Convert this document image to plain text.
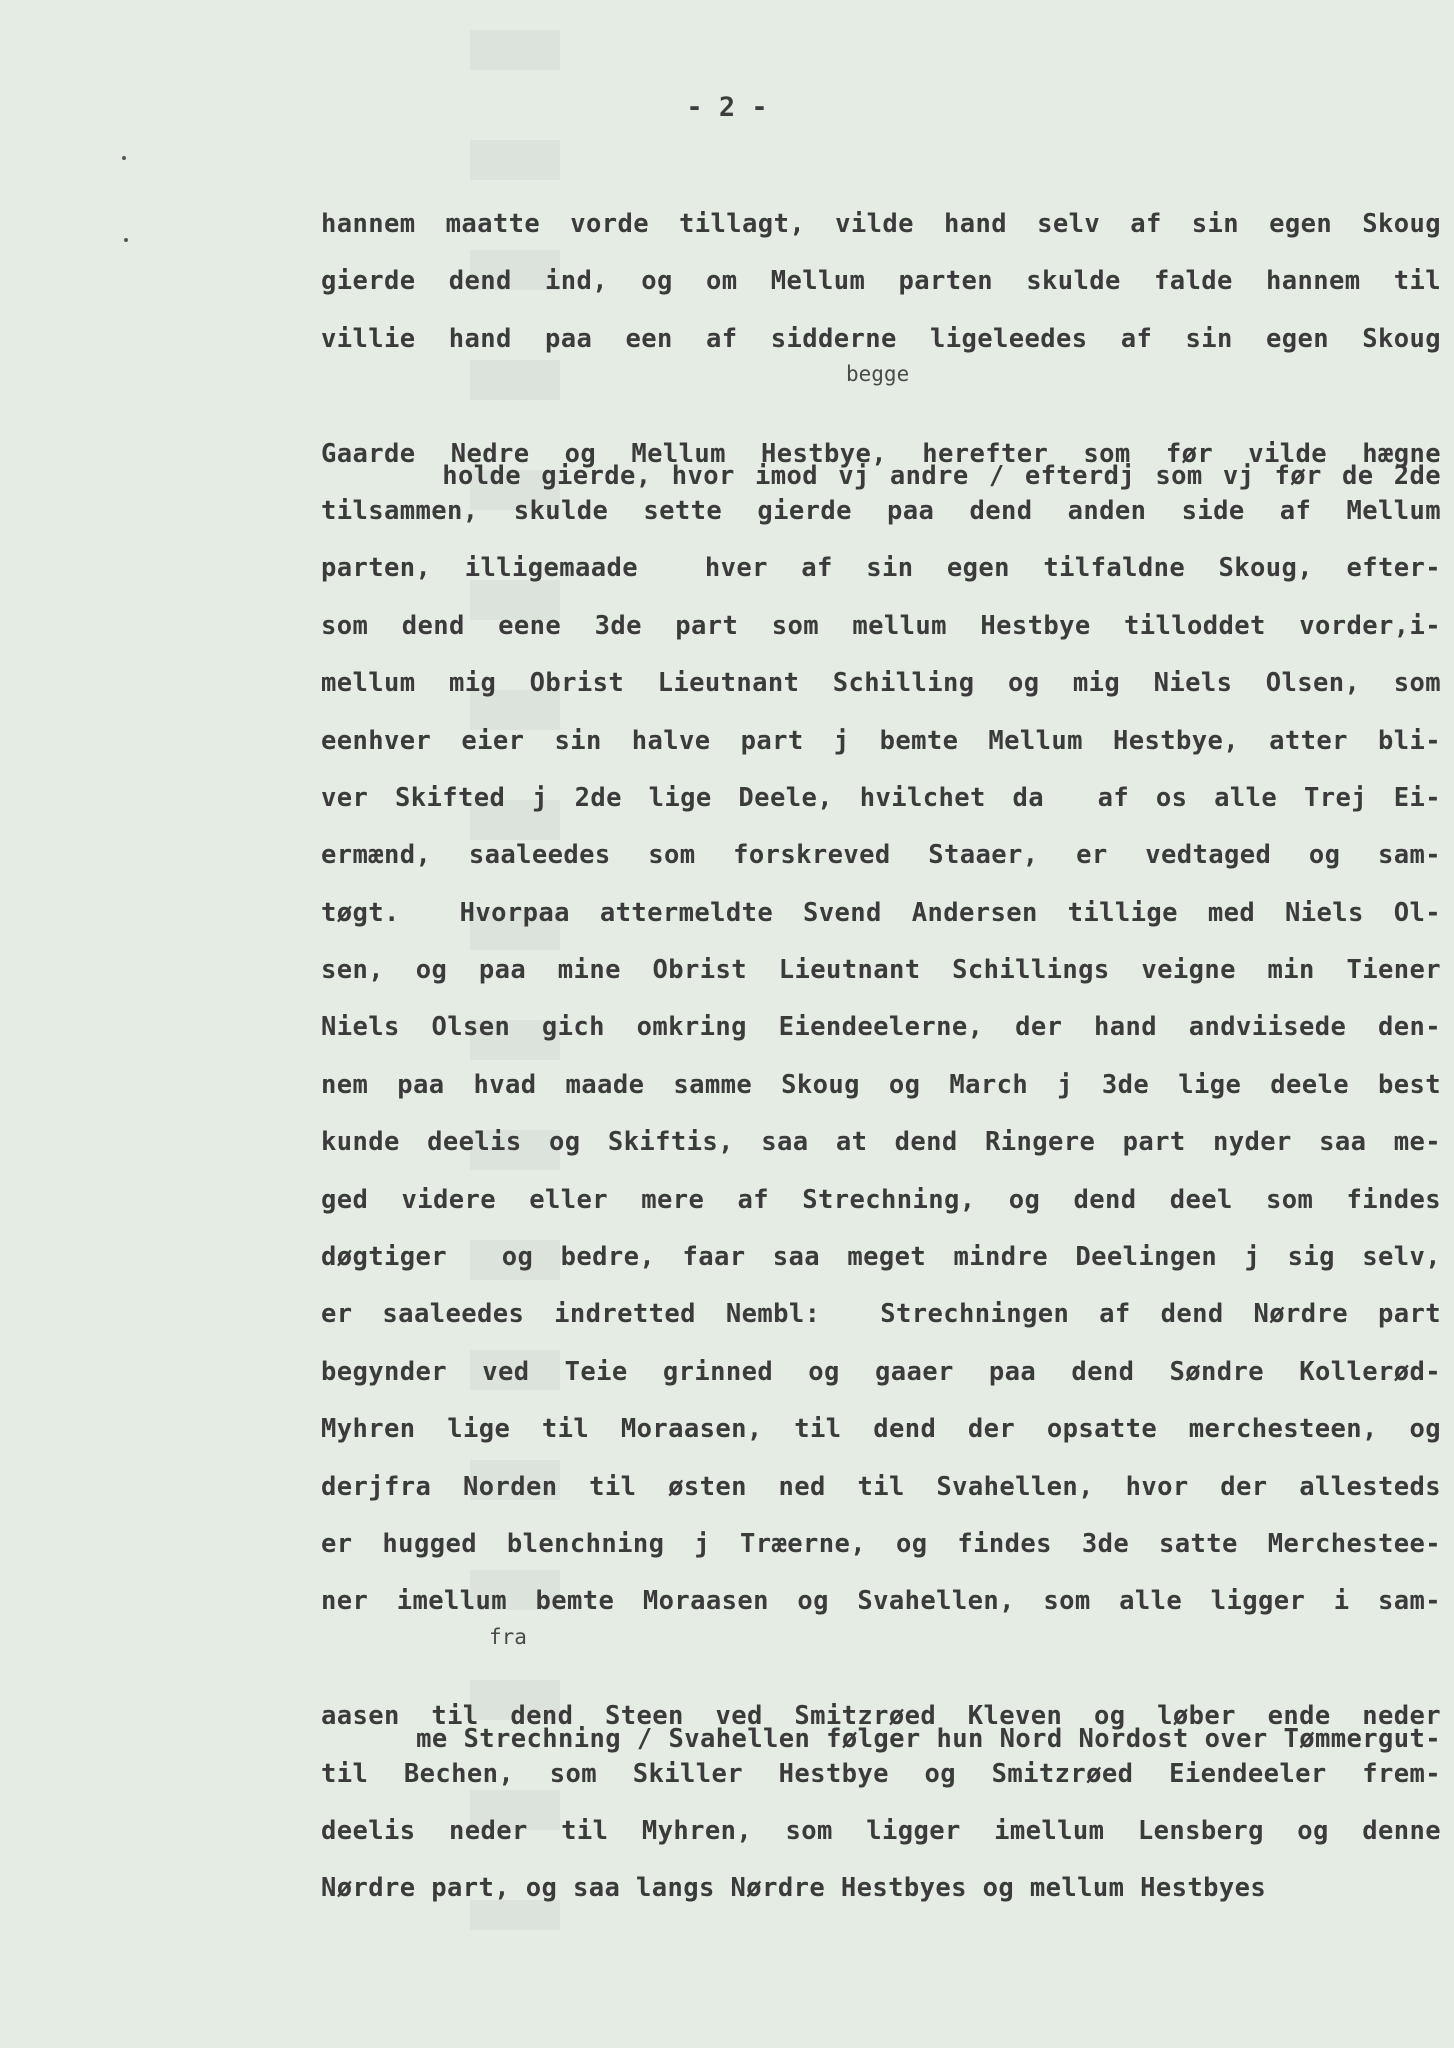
- 2 -
hannem maatte vorde tillagt, vilde hand selv af sin egen Skoug
gierde dend ind, og om Mellum parten skulde falde hannem til
villie hand paa een af sidderne ligeleedes af sin egen Skoug

begge

holde gierde, hvor imod vj andre / efterdj som vj før de 2de

Gaarde Nedre og Mellum Hestbye, herefter som før vilde hægne
tilsammen, skulde sette gierde paa dend anden side af Mellum
parten, illigemaade  hver af sin egen tilfaldne Skoug, efter-
som dend eene 3de part som mellum Hestbye tilloddet vorder,i-
mellum mig Obrist Lieutnant Schilling og mig Niels Olsen, som
eenhver eier sin halve part j bemte Mellum Hestbye, atter bli-
ver Skifted j 2de lige Deele, hvilchet da  af os alle Trej Ei-
ermænd, saaleedes som forskreved Staaer, er vedtaged og sam-
tøgt.  Hvorpaa attermeldte Svend Andersen tillige med Niels Ol-
sen, og paa mine Obrist Lieutnant Schillings veigne min Tiener
Niels Olsen gich omkring Eiendeelerne, der hand andviisede den-
nem paa hvad maade samme Skoug og March j 3de lige deele best
kunde deelis og Skiftis, saa at dend Ringere part nyder saa me-
ged videre eller mere af Strechning, og dend deel som findes
døgtiger  og bedre, faar saa meget mindre Deelingen j sig selv,
er saaleedes indretted Nembl:  Strechningen af dend Nørdre part
begynder ved Teie grinned og gaaer paa dend Søndre Kollerød-
Myhren lige til Moraasen, til dend der opsatte merchesteen, og
derjfra Norden til østen ned til Svahellen, hvor der allesteds
er hugged blenchning j Træerne, og findes 3de satte Merchestee-
ner imellum bemte Moraasen og Svahellen, som alle ligger i sam-

fra

me Strechning / Svahellen følger hun Nord Nordost over Tømmergut-

aasen til dend Steen ved Smitzrøed Kleven og løber ende neder
til Bechen, som Skiller Hestbye og Smitzrøed Eiendeeler frem-
deelis neder til Myhren, som ligger imellum Lensberg og denne
Nørdre part, og saa langs Nørdre Hestbyes og mellum Hestbyes
